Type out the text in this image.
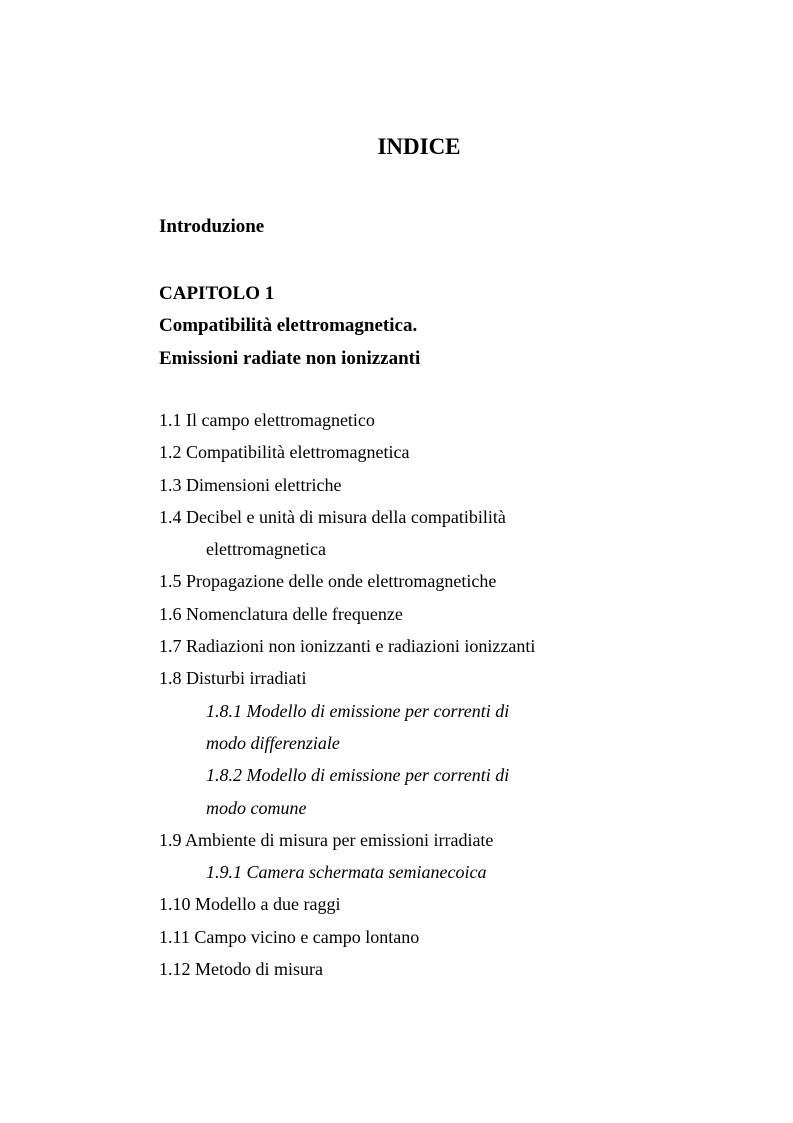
INDICE
Introduzione
CAPITOLO 1
Compatibilità elettromagnetica.
Emissioni radiate non ionizzanti
1.1 Il campo elettromagnetico
1.2 Compatibilità elettromagnetica
1.3 Dimensioni elettriche
1.4 Decibel e unità di misura della compatibilità
elettromagnetica
1.5 Propagazione delle onde elettromagnetiche
1.6 Nomenclatura delle frequenze
1.7 Radiazioni non ionizzanti e radiazioni ionizzanti
1.8 Disturbi irradiati
1.8.1 Modello di emissione per correnti di
modo differenziale
1.8.2 Modello di emissione per correnti di
modo comune
1.9 Ambiente di misura per emissioni irradiate
1.9.1 Camera schermata semianecoica
1.10 Modello a due raggi
1.11 Campo vicino e campo lontano
1.12 Metodo di misura
